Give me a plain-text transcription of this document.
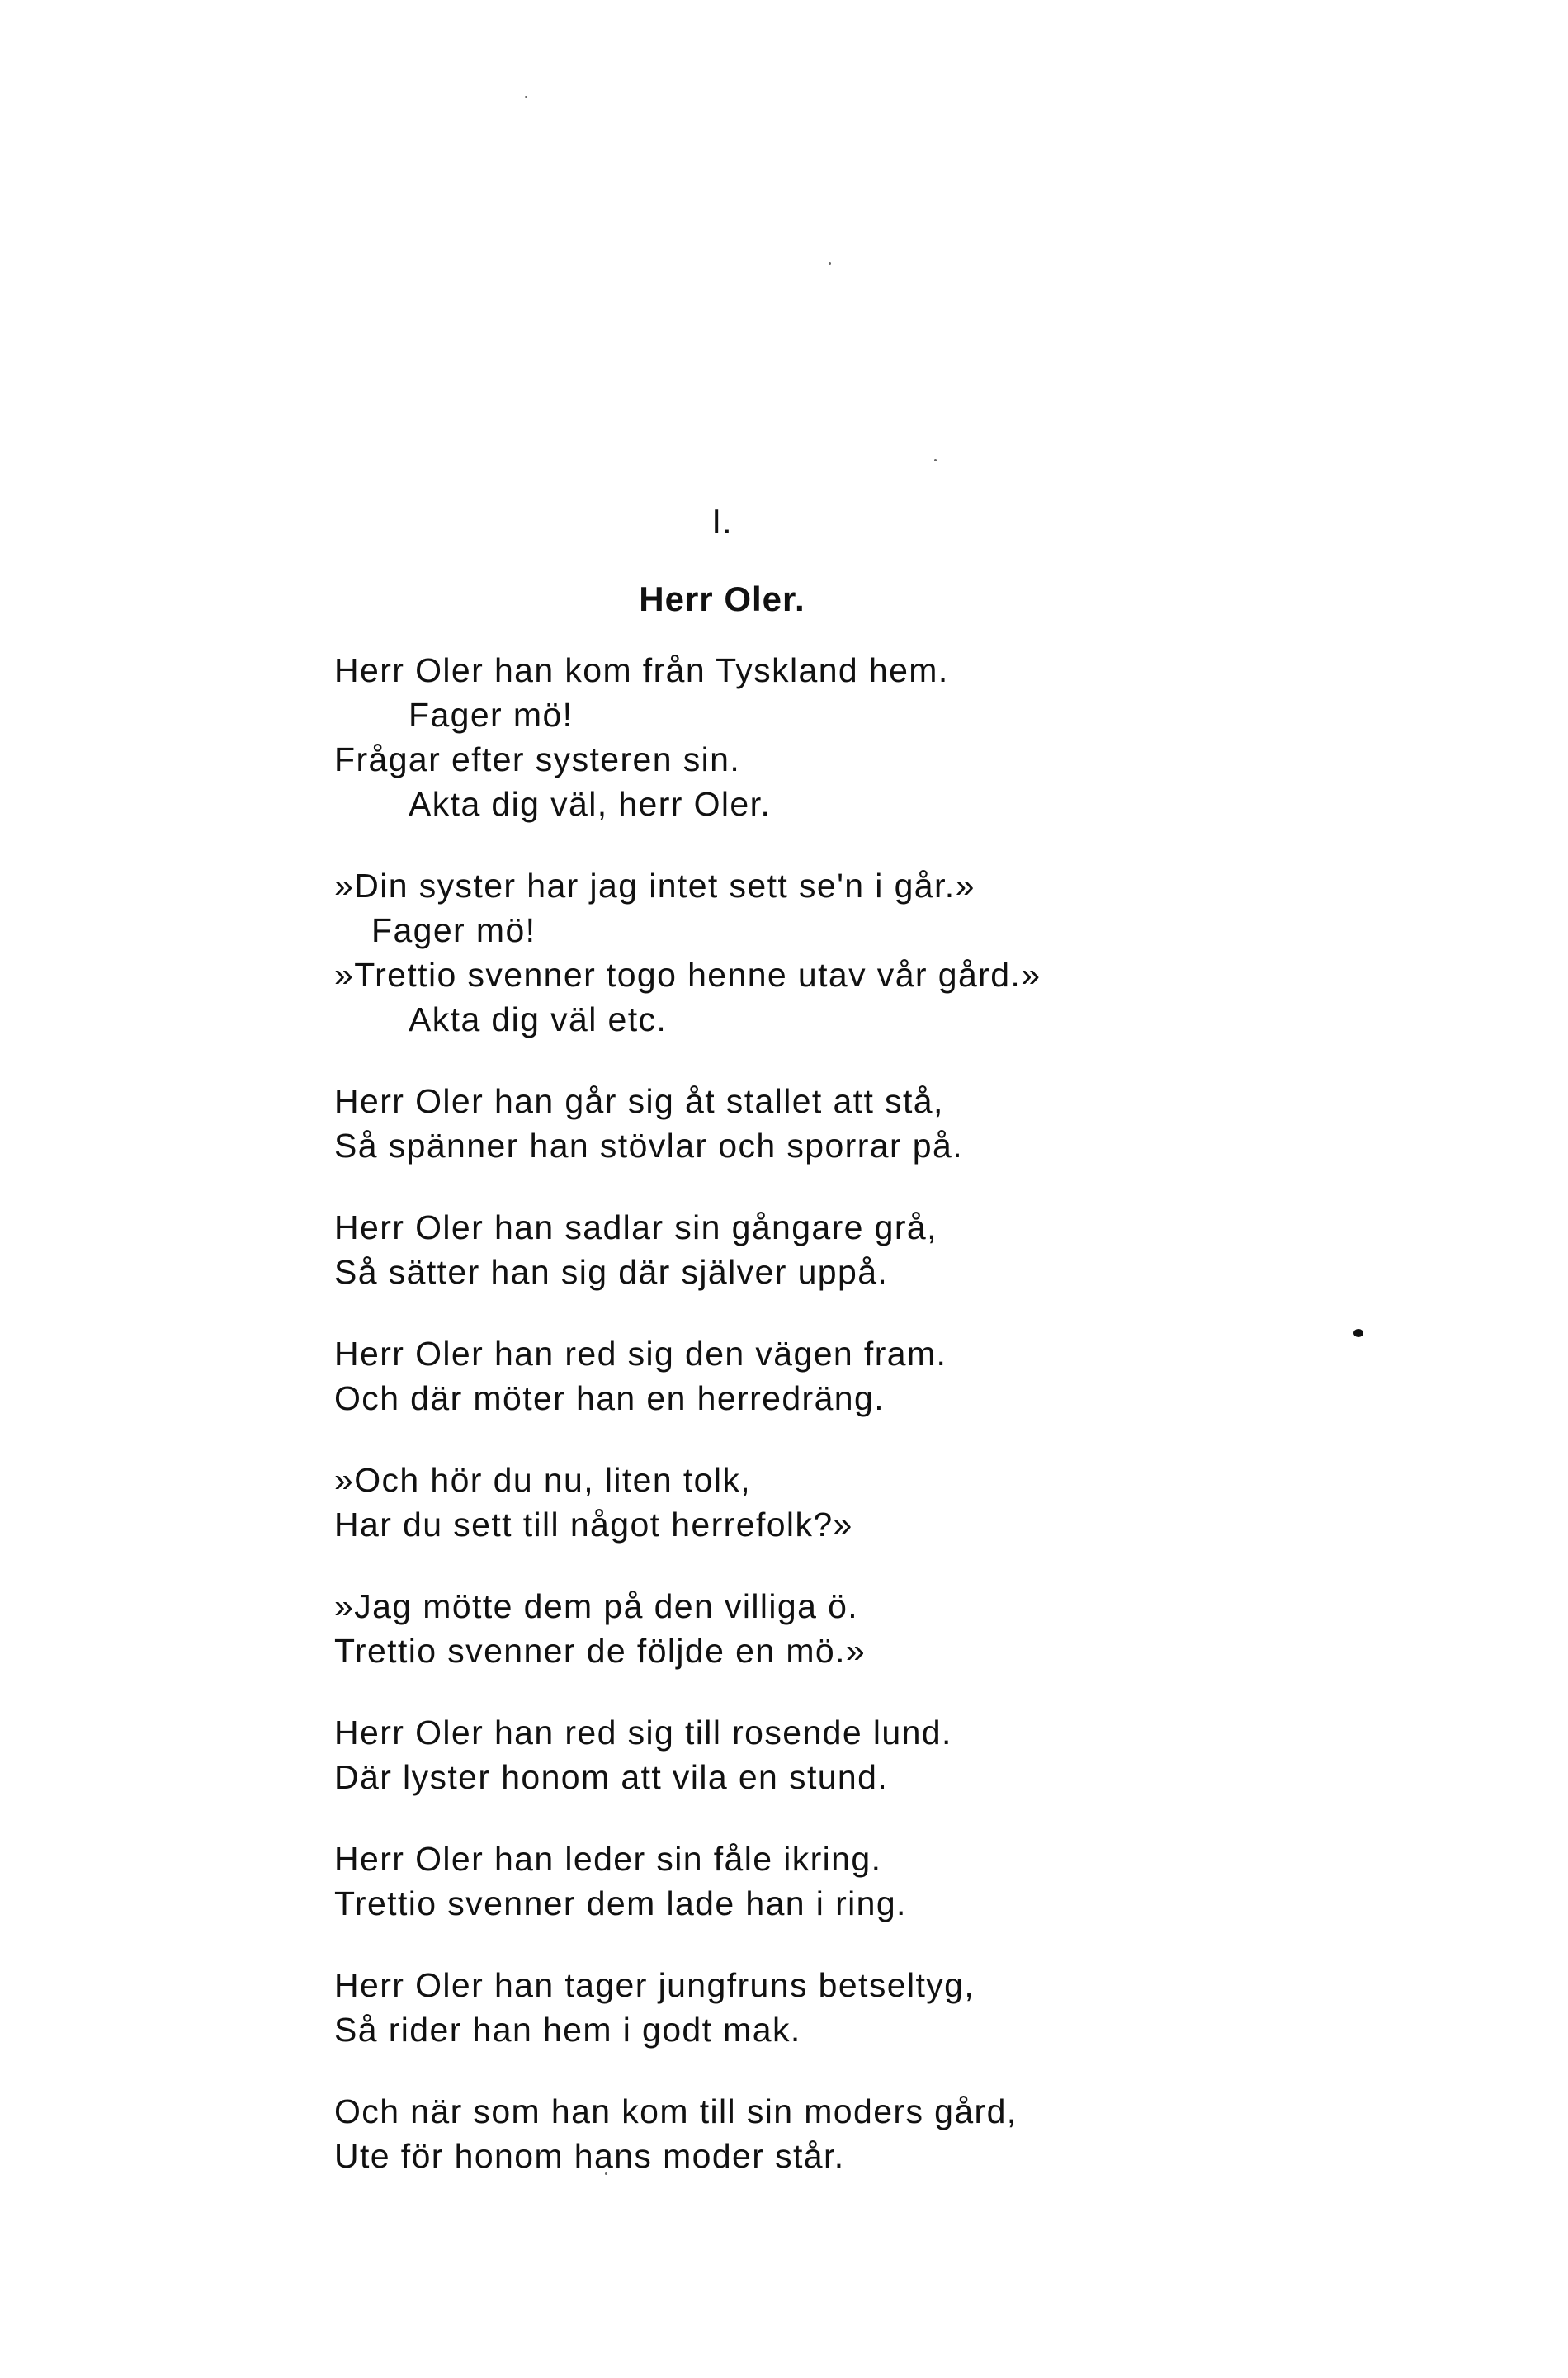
I.
Herr Oler.
Herr Oler han kom från Tyskland hem.
Fager mö!
Frågar efter systeren sin.
Akta dig väl, herr Oler.
»Din syster har jag intet sett se'n i går.»
Fager mö!
»Trettio svenner togo henne utav vår gård.»
Akta dig väl etc.
Herr Oler han går sig åt stallet att stå,
Så spänner han stövlar och sporrar på.
Herr Oler han sadlar sin gångare grå,
Så sätter han sig där själver uppå.
Herr Oler han red sig den vägen fram.
Och där möter han en herredräng.
»Och hör du nu, liten tolk,
Har du sett till något herrefolk?»
»Jag mötte dem på den villiga ö.
Trettio svenner de följde en mö.»
Herr Oler han red sig till rosende lund.
Där lyster honom att vila en stund.
Herr Oler han leder sin fåle ikring.
Trettio svenner dem lade han i ring.
Herr Oler han tager jungfruns betseltyg,
Så rider han hem i godt mak.
Och när som han kom till sin moders gård,
Ute för honom hans moder står.
